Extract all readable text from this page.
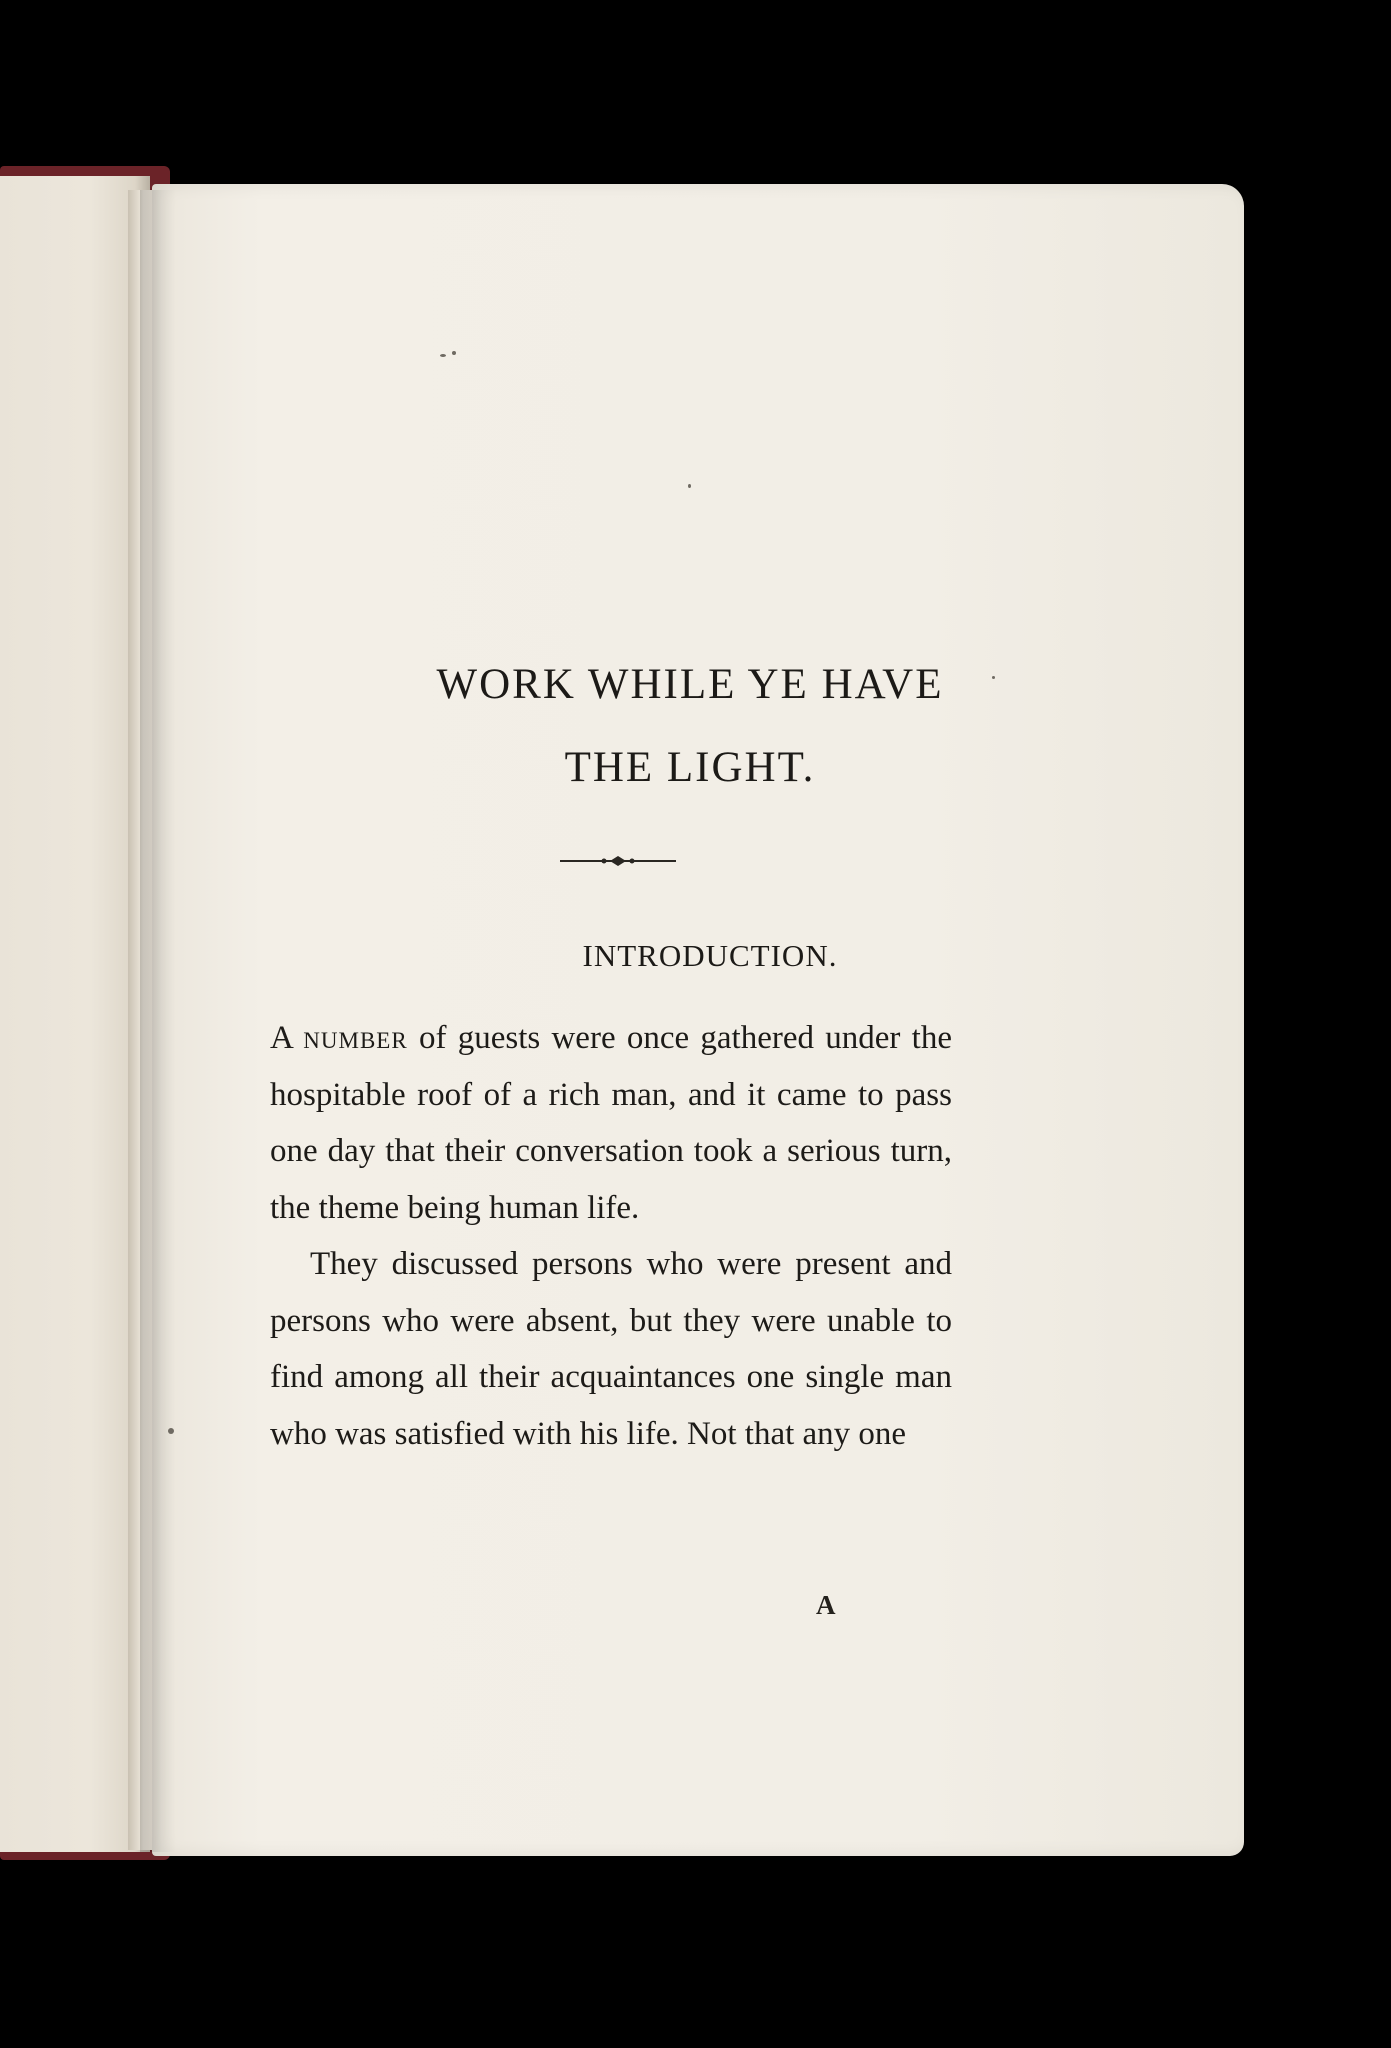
WORK WHILE YE HAVE
THE LIGHT.
INTRODUCTION.

A number of guests were once gathered under the hospitable roof of a rich man, and it came to pass one day that their conversation took a serious turn, the theme being human life.

They discussed persons who were present and persons who were absent, but they were unable to find among all their acquaintances one single man who was satisfied with his life. Not that any one

A
